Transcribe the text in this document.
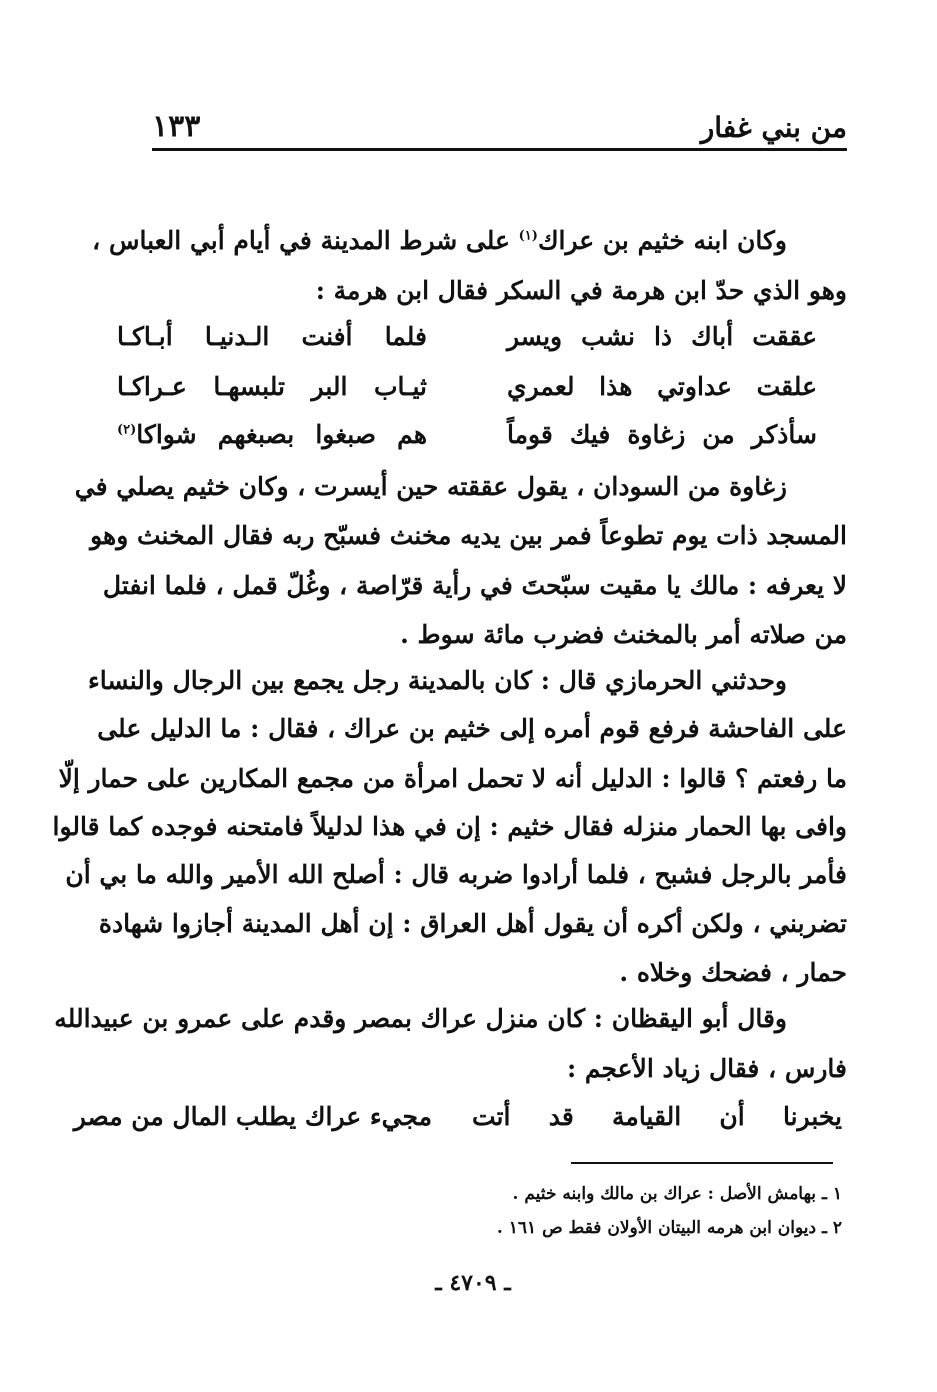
من بني غفار
١٣٣
وكان ابنه خثيم بن عراك$^{(١)}$ على شرط المدينة في أيام أبي العباس ،
وهو الذي حدّ ابن هرمة في السكر فقال ابن هرمة :
عققت أباك ذا نشب ويسر
فلما أفنت الـدنيـا أبـاكـا
علقت عداوتي هذا لعمري
ثيـاب البر تلبسهـا عـراكـا
سأذكر من زغاوة فيك قوماً
هم صبغوا بصبغهم شواكا$^{(٢)}$
زغاوة من السودان ، يقول عققته حين أيسرت ، وكان خثيم يصلي في
المسجد ذات يوم تطوعاً فمر بين يديه مخنث فسبّح ربه فقال المخنث وهو
لا يعرفه : مالك يا مقيت سبّحتَ في رأية قرّاصة ، وغُلّ قمل ، فلما انفتل
من صلاته أمر بالمخنث فضرب مائة سوط .
وحدثني الحرمازي قال : كان بالمدينة رجل يجمع بين الرجال والنساء
على الفاحشة فرفع قوم أمره إلى خثيم بن عراك ، فقال : ما الدليل على
ما رفعتم ؟ قالوا : الدليل أنه لا تحمل امرأة من مجمع المكارين على حمار إلّا
وافى بها الحمار منزله فقال خثيم : إن في هذا لدليلاً فامتحنه فوجده كما قالوا
فأمر بالرجل فشبح ، فلما أرادوا ضربه قال : أصلح الله الأمير والله ما بي أن
تضربني ، ولكن أكره أن يقول أهل العراق : إن أهل المدينة أجازوا شهادة
حمار ، فضحك وخلاه .
وقال أبو اليقظان : كان منزل عراك بمصر وقدم على عمرو بن عبيدالله
فارس ، فقال زياد الأعجم :
يخبرنا أن القيامة قد أتت
مجيء عراك يطلب المال من مصر
١ ـ بهامش الأصل : عراك بن مالك وابنه خثيم .
٢ ـ ديوان ابن هرمه البيتان الأولان فقط ص ١٦١ .
ـ ٤٧٠٩ ـ
